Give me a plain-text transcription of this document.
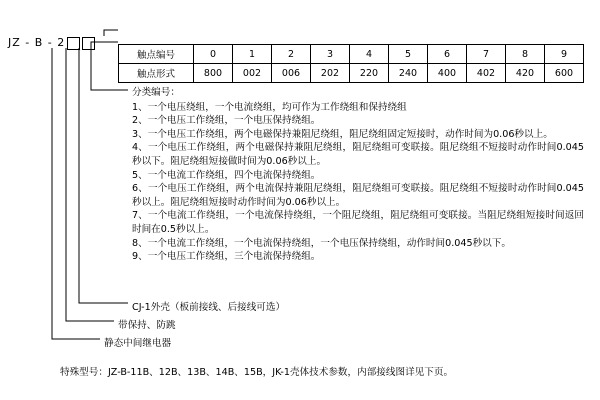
JZ - B - 2
触点编号	0	1	2	3	4	5	6	7	8	9
触点形式	800	002	006	202	220	240	400	402	420	600
分类编号：
1、一个电压绕组，一个电流绕组，均可作为工作绕组和保持绕组
2、一个电压工作绕组，一个电压保持绕组。
3、一个电压工作绕组，两个电磁保持兼阻尼绕组，阻尼绕组固定短接时，动作时间为0.06秒以上。
4、一个电压工作绕组，两个电磁保持兼阻尼绕组，阻尼绕组可变联接。阻尼绕组不短接时动作时间0.045秒以下。阻尼绕组短接做时间为0.06秒以上。
5、一个电流工作绕组，四个电流保持绕组。
6、一个电压工作绕组，两个电流保持兼阻尼绕组，阻尼绕组可变联接。阻尼绕组不短接时动作时间0.045秒以上。阻尼绕组短接时动作时间为0.06秒以上。
7、一个电流工作绕组，一个电流保持绕组，一个阻尼绕组，阻尼绕组可变联接。当阻尼绕组短接时间返回时间在0.5秒以上。
8、一个电流工作绕组，一个电流保持绕组，一个电压保持绕组，动作时间0.045秒以下。
9、一个电压工作绕组，三个电流保持绕组。
CJ-1外壳（板前接线、后接线可选）
带保持、防跳
静态中间继电器
特殊型号：JZ-B-11B、12B、13B、14B、15B，JK-1壳体技术参数，内部接线图详见下页。
